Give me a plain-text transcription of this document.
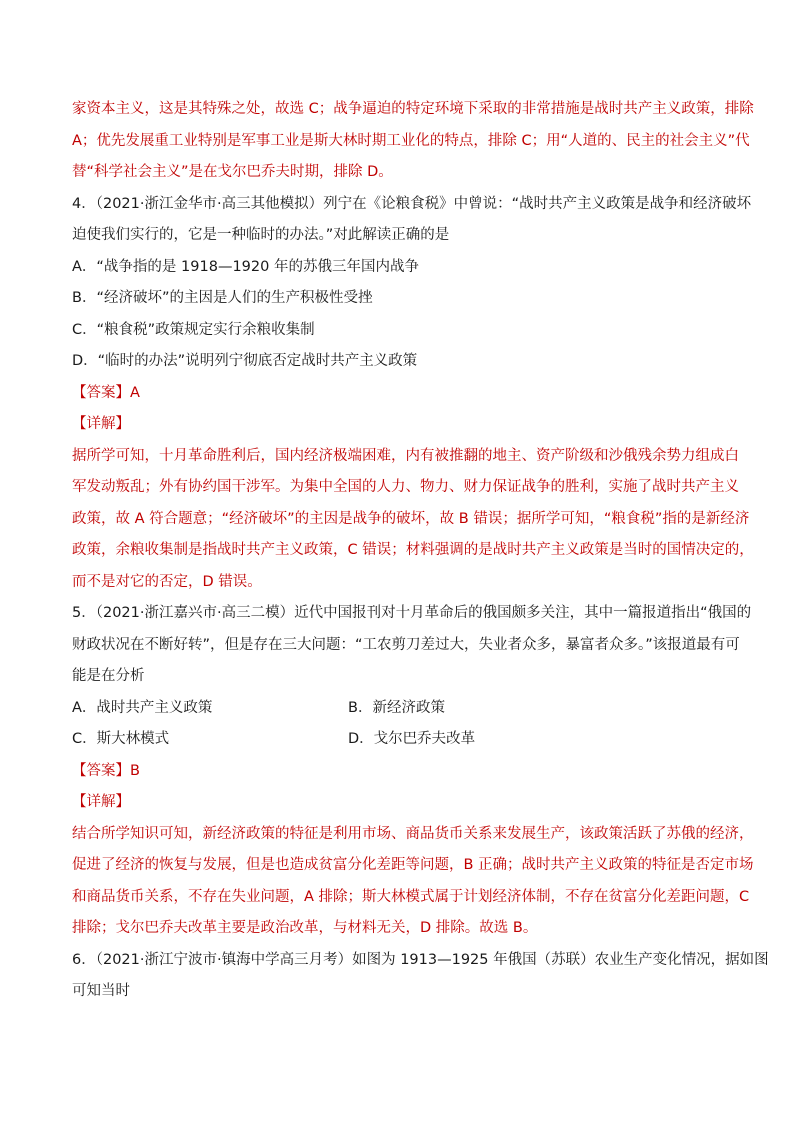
家资本主义，这是其特殊之处，故选 C；战争逼迫的特定环境下采取的非常措施是战时共产主义政策，排除
A；优先发展重工业特别是军事工业是斯大林时期工业化的特点，排除 C；用“人道的、民主的社会主义”代
替“科学社会主义”是在戈尔巴乔夫时期，排除 D。
4．（2021·浙江金华市·高三其他模拟）列宁在《论粮食税》中曾说：“战时共产主义政策是战争和经济破坏
迫使我们实行的，它是一种临时的办法。”对此解读正确的是
A．“战争指的是 1918—1920 年的苏俄三年国内战争
B．“经济破坏”的主因是人们的生产积极性受挫
C．“粮食税”政策规定实行余粮收集制
D．“临时的办法”说明列宁彻底否定战时共产主义政策
【答案】A
【详解】
据所学可知，十月革命胜利后，国内经济极端困难，内有被推翻的地主、资产阶级和沙俄残余势力组成白
军发动叛乱；外有协约国干涉军。为集中全国的人力、物力、财力保证战争的胜利，实施了战时共产主义
政策，故 A 符合题意；“经济破坏”的主因是战争的破坏，故 B 错误；据所学可知，“粮食税”指的是新经济
政策，余粮收集制是指战时共产主义政策，C 错误；材料强调的是战时共产主义政策是当时的国情决定的，
而不是对它的否定，D 错误。
5．（2021·浙江嘉兴市·高三二模）近代中国报刊对十月革命后的俄国颇多关注，其中一篇报道指出“俄国的
财政状况在不断好转”，但是存在三大问题：“工农剪刀差过大，失业者众多，暴富者众多。”该报道最有可
能是在分析
A．战时共产主义政策	B．新经济政策
C．斯大林模式	D．戈尔巴乔夫改革
【答案】B
【详解】
结合所学知识可知，新经济政策的特征是利用市场、商品货币关系来发展生产，该政策活跃了苏俄的经济，
促进了经济的恢复与发展，但是也造成贫富分化差距等问题，B 正确；战时共产主义政策的特征是否定市场
和商品货币关系，不存在失业问题，A 排除；斯大林模式属于计划经济体制，不存在贫富分化差距问题，C
排除；戈尔巴乔夫改革主要是政治改革，与材料无关，D 排除。故选 B。
6．（2021·浙江宁波市·镇海中学高三月考）如图为 1913—1925 年俄国（苏联）农业生产变化情况，据如图
可知当时
